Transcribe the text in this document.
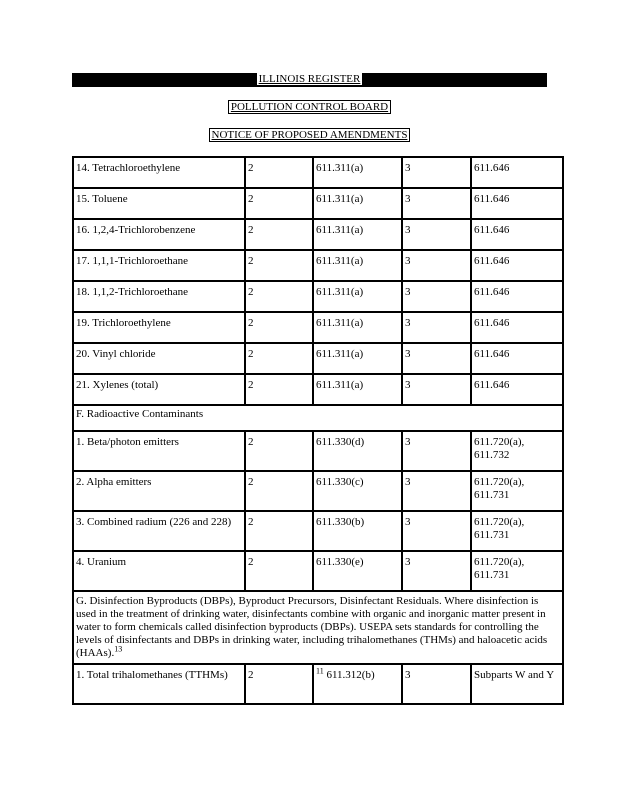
ILLINOIS REGISTER
POLLUTION CONTROL BOARD
NOTICE OF PROPOSED AMENDMENTS
14. Tetrachloroethylene	2	611.311(a)	3	611.646
15. Toluene	2	611.311(a)	3	611.646
16. 1,2,4-Trichlorobenzene	2	611.311(a)	3	611.646
17. 1,1,1-Trichloroethane	2	611.311(a)	3	611.646
18. 1,1,2-Trichloroethane	2	611.311(a)	3	611.646
19. Trichloroethylene	2	611.311(a)	3	611.646
20. Vinyl chloride	2	611.311(a)	3	611.646
21. Xylenes (total)	2	611.311(a)	3	611.646
F. Radioactive Contaminants				
1. Beta/photon emitters	2	611.330(d)	3	611.720(a), 611.732
2. Alpha emitters	2	611.330(c)	3	611.720(a), 611.731
3. Combined radium (226 and 228)	2	611.330(b)	3	611.720(a), 611.731
4. Uranium	2	611.330(e)	3	611.720(a), 611.731
G. Disinfection Byproducts (DBPs), Byproduct Precursors, Disinfectant Residuals. Where disinfection is used in the treatment of drinking water, disinfectants combine with organic and inorganic matter present in water to form chemicals called disinfection byproducts (DBPs). USEPA sets standards for controlling the levels of disinfectants and DBPs in drinking water, including trihalomethanes (THMs) and haloacetic acids (HAAs).$^{13}$
1. Total trihalomethanes (TTHMs)	2	$^{11}$ 611.312(b)	3	Subparts W and Y
